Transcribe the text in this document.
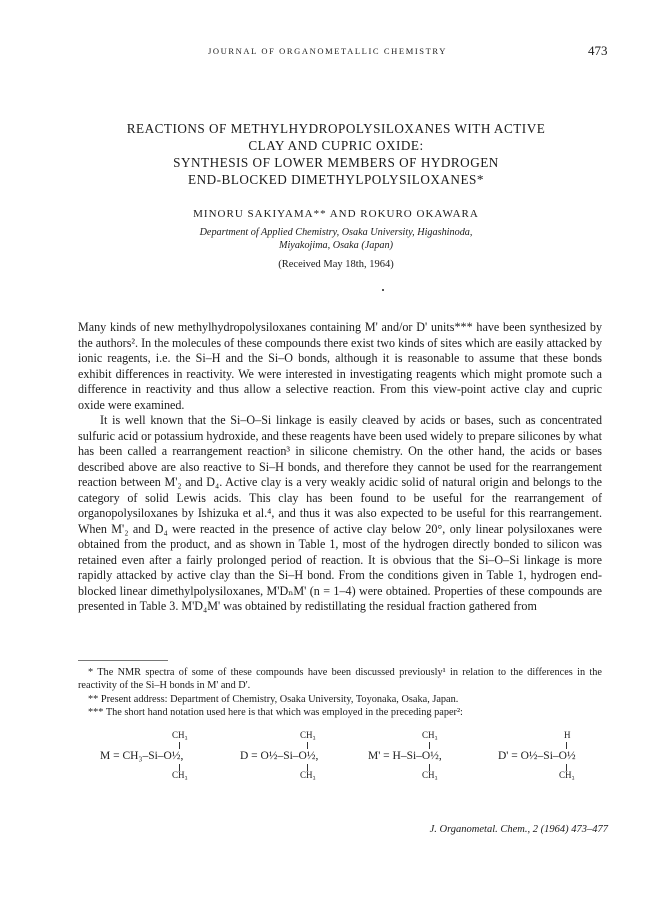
JOURNAL OF ORGANOMETALLIC CHEMISTRY	473
REACTIONS OF METHYLHYDROPOLYSILOXANES WITH ACTIVE
CLAY AND CUPRIC OXIDE:
SYNTHESIS OF LOWER MEMBERS OF HYDROGEN
END-BLOCKED DIMETHYLPOLYSILOXANES*
MINORU SAKIYAMA** AND ROKURO OKAWARA
Department of Applied Chemistry, Osaka University, Higashinoda,
Miyakojima, Osaka (Japan)
(Received May 18th, 1964)

Many kinds of new methylhydropolysiloxanes containing M' and/or D' units*** have been synthesized by the authors². In the molecules of these compounds there exist two kinds of sites which are easily attacked by ionic reagents, i.e. the Si–H and the Si–O bonds, although it is reasonable to assume that these bonds exhibit differences in reactivity. We were interested in investigating reagents which might promote such a difference in reactivity and thus allow a selective reaction. From this view-point active clay and cupric oxide were examined.

It is well known that the Si–O–Si linkage is easily cleaved by acids or bases, such as concentrated sulfuric acid or potassium hydroxide, and these reagents have been used widely to prepare silicones by what has been called a rearrangement reaction³ in silicone chemistry. On the other hand, the acids or bases described above are also reactive to Si–H bonds, and therefore they cannot be used for the rearrangement reaction between M'₂ and D₄. Active clay is a very weakly acidic solid of natural origin and belongs to the category of solid Lewis acids. This clay has been found to be useful for the rearrangement of organopolysiloxanes by Ishizuka et al.⁴, and thus it was also expected to be useful for this rearrangement. When M'₂ and D₄ were reacted in the presence of active clay below 20°, only linear polysiloxanes were obtained from the product, and as shown in Table 1, most of the hydrogen directly bonded to silicon was retained even after a fairly prolonged period of reaction. It is obvious that the Si–O–Si linkage is more rapidly attacked by active clay than the Si–H bond. From the conditions given in Table 1, hydrogen end-blocked linear dimethylpolysiloxanes, M'DₙM' (n = 1–4) were obtained. Properties of these compounds are presented in Table 3. M'D₄M' was obtained by redistillating the residual fraction gathered from

* The NMR spectra of some of these compounds have been discussed previously¹ in relation to the differences in the reactivity of the Si–H bonds in M' and D'.

** Present address: Department of Chemistry, Osaka University, Toyonaka, Osaka, Japan.

*** The short hand notation used here is that which was employed in the preceding paper²:

CH₃
M = CH₃–Si–O½,
CH₃
CH₃
D = O½–Si–O½,
CH₃
CH₃
M' = H–Si–O½,
CH₃
H
D' = O½–Si–O½
CH₃
J. Organometal. Chem., 2 (1964) 473–477
